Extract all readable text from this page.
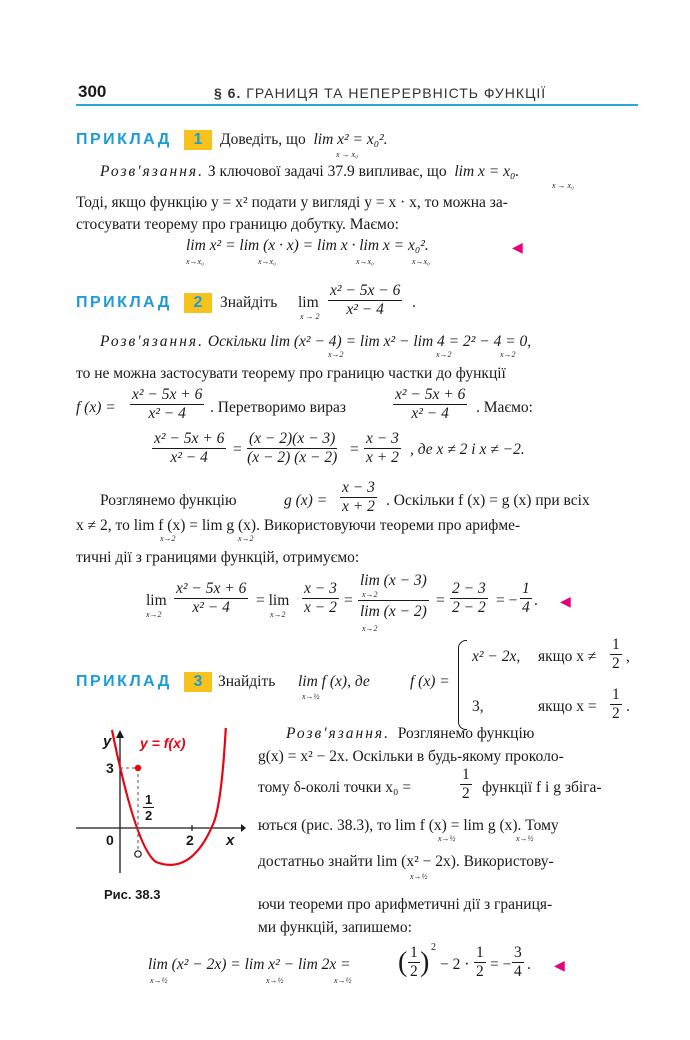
300	§ 6. ГРАНИЦЯ ТА НЕПЕРЕРВНІСТЬ ФУНКЦІЇ
ПРИКЛАД	1	Доведіть, що lim x² = x₀².
x → x₀
Розв'язання. З ключової задачі 37.9 випливає, що lim x = x₀.
x → x₀
Тоді, якщо функцію y = x² подати у вигляді y = x · x, то можна за-
стосувати теорему про границю добутку. Маємо:
lim x² = lim (x · x) = lim x · lim x = x₀².
x→x₀	x→x₀	x→x₀	x→x₀
◀
ПРИКЛАД	2	Знайдіть lim
$x \to 2 \frac{\text{x² − 5x − 6}}{\text{x² − 4}}$ .
Розв'язання. Оскільки lim (x² − 4) = lim x² − lim 4 = 2² − 4 = 0,
x→2	x→2	x→2
то не можна застосувати теорему про границю частки до функції
f $(x) = \frac{\text{x² − 5x + 6}}{\text{x² − 4}}$ . Перетворимо вираз	$\frac{\text{x² − 5x + 6}}{\text{x² − 4}}$ . Маємо:
$\frac{\text{x² − 5x + 6}}{\text{x² − 4}} = \frac{(x - 2)(x - 3)}{(x - 2) (x - 2)} = \frac{x - 3}{x + 2}$ , де x ≠ 2 і x ≠ −2.
Розглянемо функцію	g $(x) = \frac{x - 3}{x + 2}$ . Оскільки f (x) = g (x) при всіх
x ≠ 2, то lim f (x) = lim g (x). Використовуючи теореми про арифме-
x→2	x→2
тичні дії з границями функцій, отримуємо:
lim
$x\to 2 \frac{\text{x² − 5x + 6}}{\text{x² − 4}} = \lim$
$x\to 2 \frac{x - 3}{x - 2} = \frac{\lim (x - 3)}{\lim (x - 2)}$
x→2
x→2
= $\frac{2 - 3}{2 - 2}$ = − $\frac{1}{4}$ . ◀
ПРИКЛАД	3	Знайдіть lim f (x), де
x→½
f (x) =
x² − 2x, якщо $x \ne \frac{1}{2}$ ,
3,	якщо $x = \frac{1}{2}$ .
y y = f(x)
3
$\frac{1}{2}$
0	2 x
Рис. 38.3
Розв'язання. Розглянемо функцію
g(x) = x² − 2x. Оскільки в будь-якому проколо-
тому δ-околі точки x₀ =	$\frac{1}{2}$ функції f і g збіга-
ються (рис. 38.3), то lim f (x) = lim g (x). Тому
x→½	x→½
достатньо знайти lim (x² − 2x). Використову-
x→½
ючи теореми про арифметичні дії з границя-
ми функцій, запишемо:
lim (x² − 2x) = lim x² − lim 2x =
x→½	x→½	x→½
( $\frac{1}{2}$ ) 2
− $2 \cdot \frac{1}{2}$ = − $\frac{3}{4}$ . ◀
